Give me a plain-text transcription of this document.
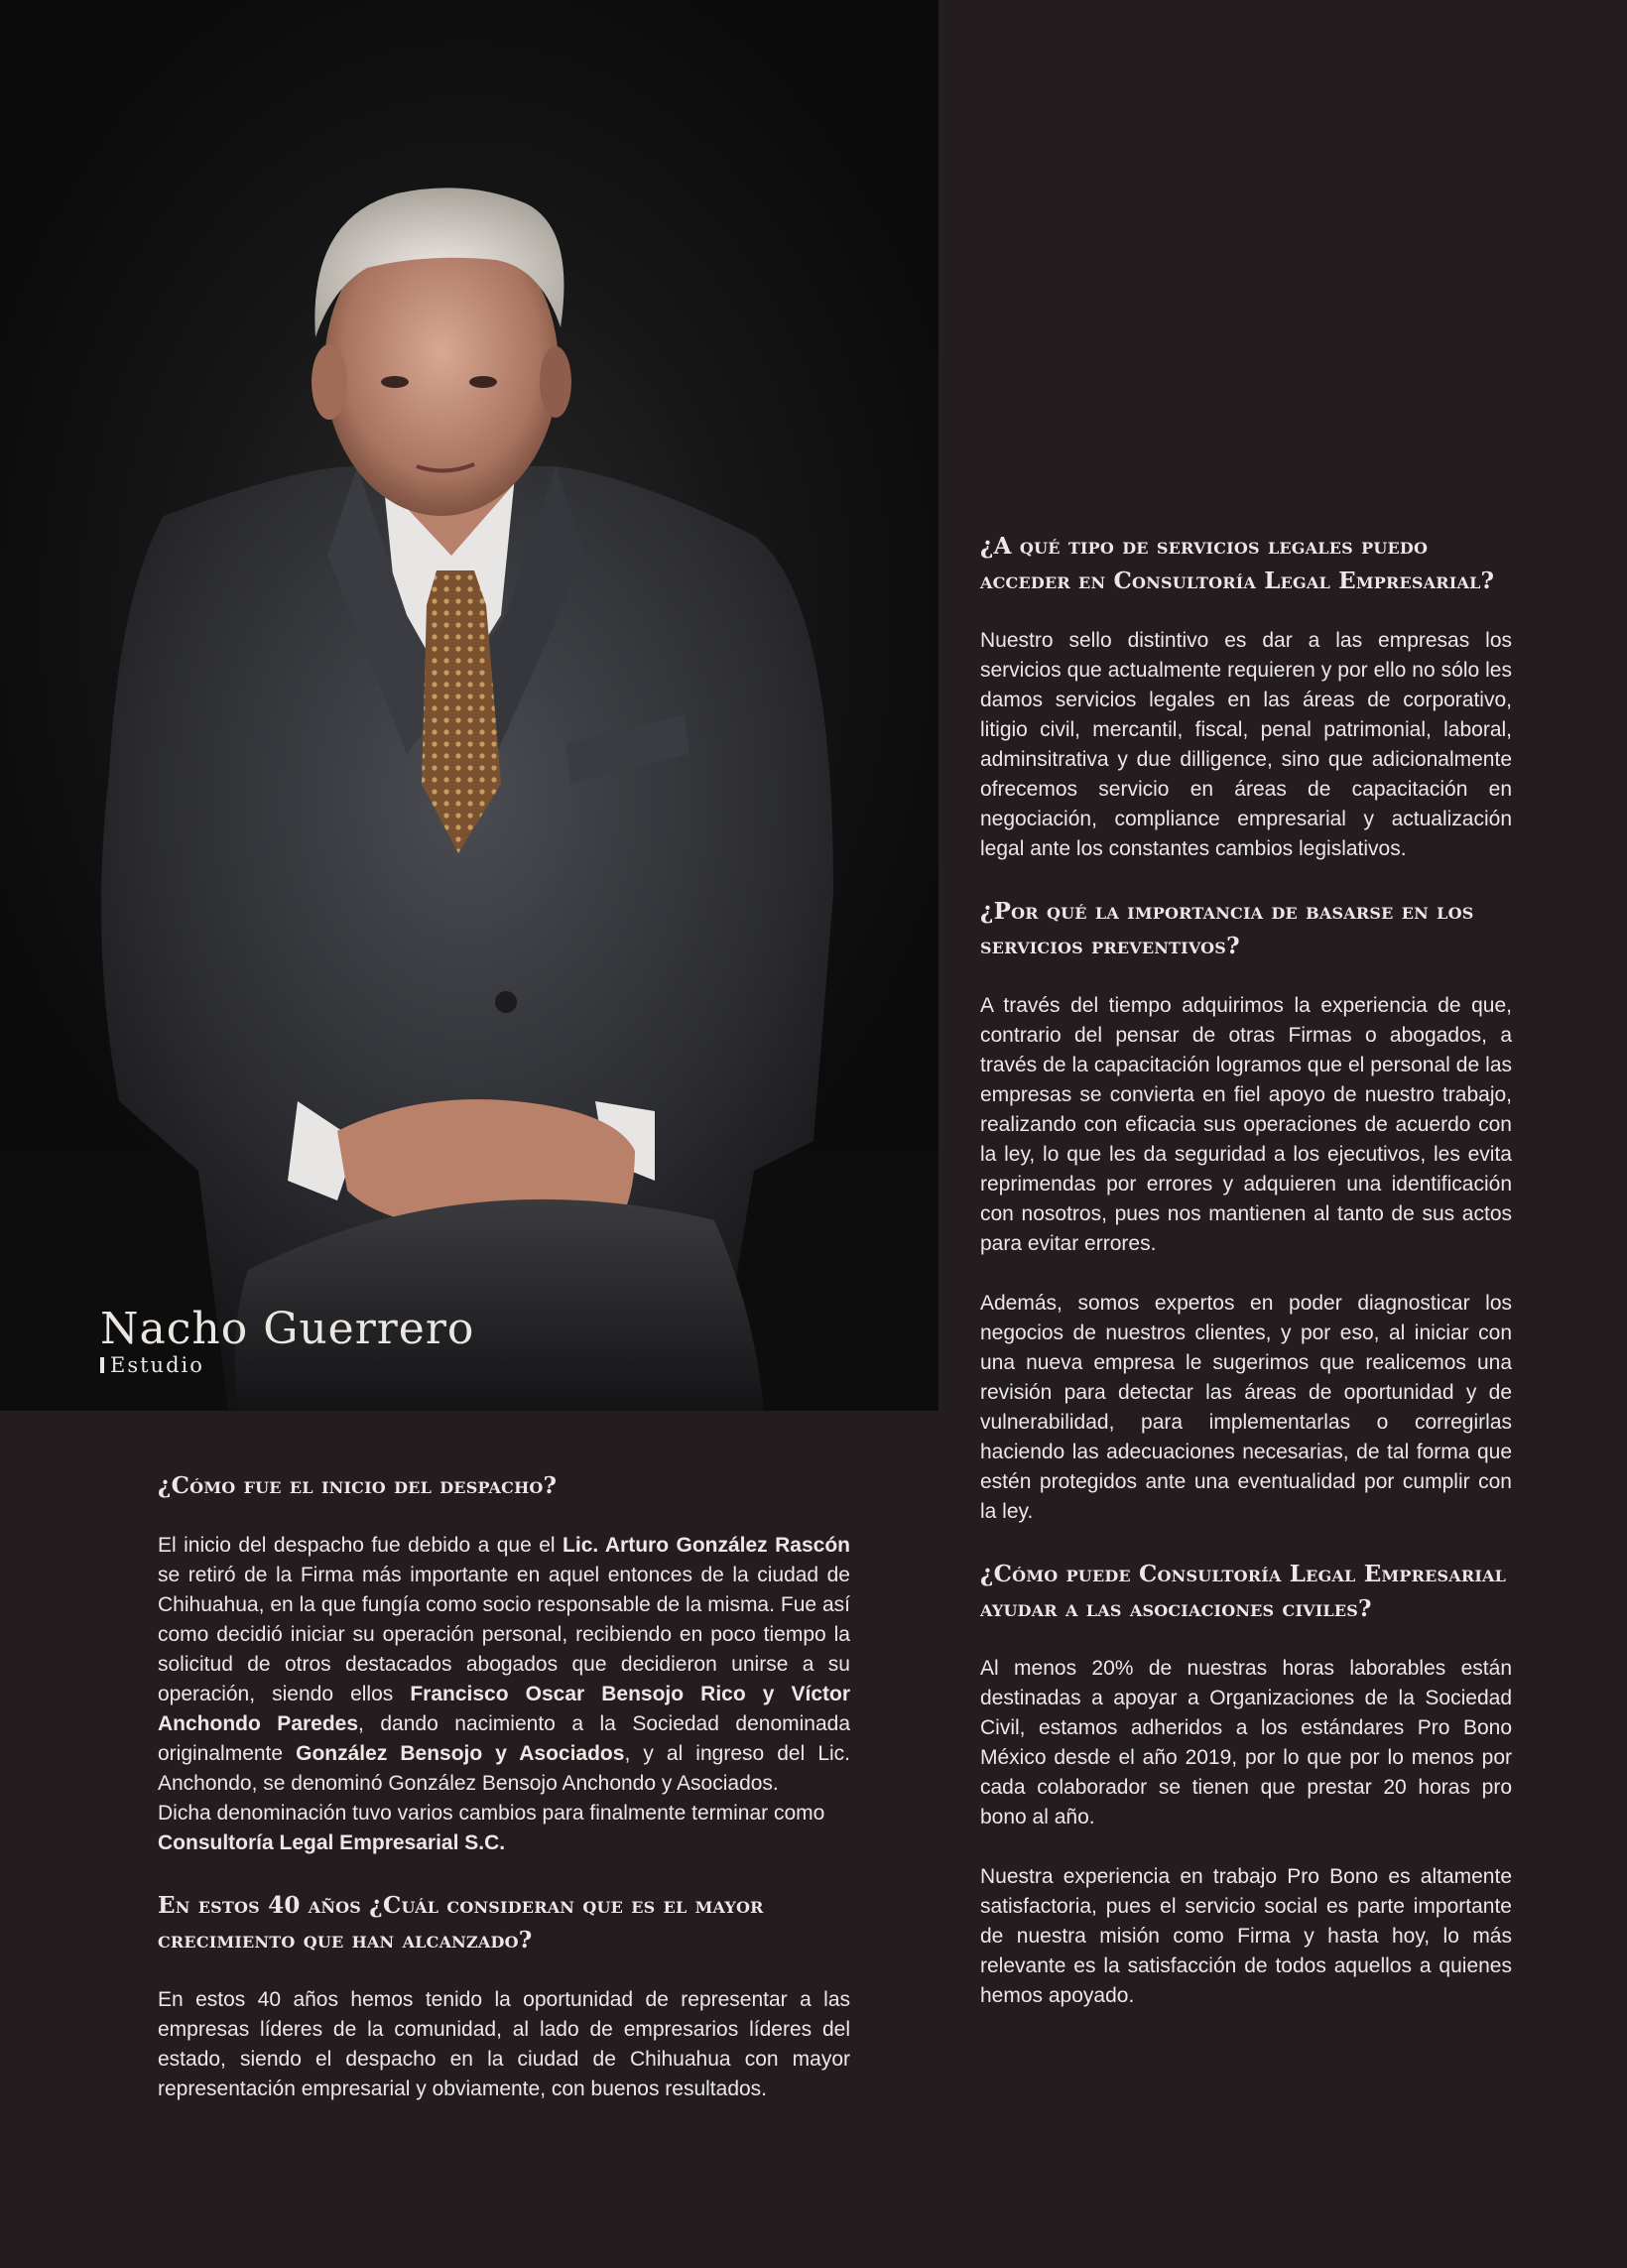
Nacho Guerrero
Estudio
¿A qué tipo de servicios legales puedo acceder en Consultoría Legal Empresarial?
Nuestro sello distintivo es dar a las empresas los servicios que actualmente requieren y por ello no sólo les damos servicios legales en las áreas de corporativo, litigio civil, mercantil, fiscal, penal patrimonial, laboral, adminsitrativa y due dilligence, sino que adicionalmente ofrecemos servicio en áreas de capacitación en negociación, compliance empresarial y actualización legal ante los constantes cambios legislativos.
¿Por qué la importancia de basarse en los servicios preventivos?
A través del tiempo adquirimos la experiencia de que, contrario del pensar de otras Firmas o abogados, a través de la capacitación logramos que el personal de las empresas se convierta en fiel apoyo de nuestro trabajo, realizando con eficacia sus operaciones de acuerdo con la ley, lo que les da seguridad a los ejecutivos, les evita reprimendas por errores y adquieren una identificación con nosotros, pues nos mantienen al tanto de sus actos para evitar errores.
Además, somos expertos en poder diagnosticar los negocios de nuestros clientes, y por eso, al iniciar con una nueva empresa le sugerimos que realicemos una revisión para detectar las áreas de oportunidad y de vulnerabilidad, para implementarlas o corregirlas haciendo las adecuaciones necesarias, de tal forma que estén protegidos ante una eventualidad por cumplir con la ley.
¿Cómo puede Consultoría Legal Empresarial ayudar a las asociaciones civiles?
Al menos 20% de nuestras horas laborables están destinadas a apoyar a Organizaciones de la Sociedad Civil, estamos adheridos a los estándares Pro Bono México desde el año 2019, por lo que por lo menos por cada colaborador se tienen que prestar 20 horas pro bono al año.
Nuestra experiencia en trabajo Pro Bono es altamente satisfactoria, pues el servicio social es parte importante de nuestra misión como Firma y hasta hoy, lo más relevante es la satisfacción de todos aquellos a quienes hemos apoyado.
¿Cómo fue el inicio del despacho?
El inicio del despacho fue debido a que el Lic. Arturo González Rascón se retiró de la Firma más importante en aquel entonces de la ciudad de Chihuahua, en la que fungía como socio responsable de la misma. Fue así como decidió iniciar su operación personal, recibiendo en poco tiempo la solicitud de otros destacados abogados que decidieron unirse a su operación, siendo ellos Francisco Oscar Bensojo Rico y Víctor Anchondo Paredes, dando nacimiento a la Sociedad denominada originalmente González Bensojo y Asociados, y al ingreso del Lic. Anchondo, se denominó González Bensojo Anchondo y Asociados.
Dicha denominación tuvo varios cambios para finalmente terminar como Consultoría Legal Empresarial S.C.
En estos 40 años ¿Cuál consideran que es el mayor crecimiento que han alcanzado?
En estos 40 años hemos tenido la oportunidad de representar a las empresas líderes de la comunidad, al lado de empresarios líderes del estado, siendo el despacho en la ciudad de Chihuahua con mayor representación empresarial y obviamente, con buenos resultados.
